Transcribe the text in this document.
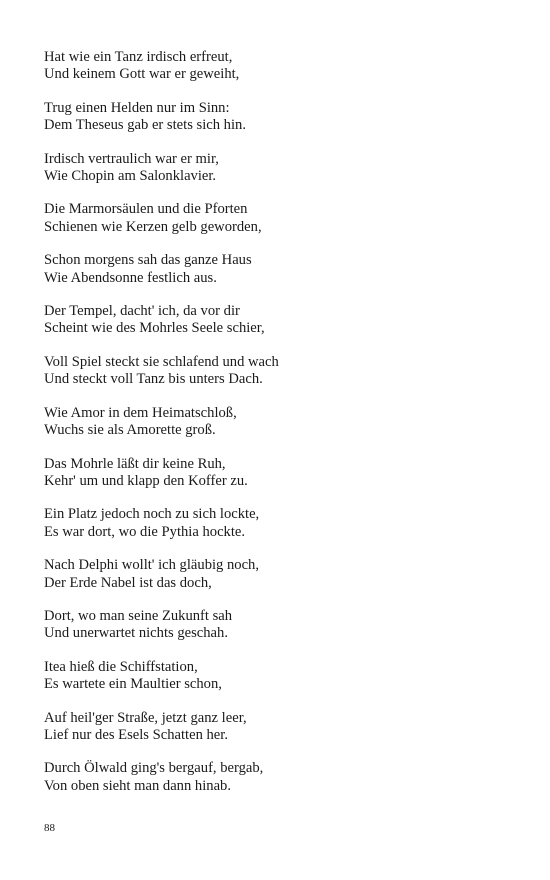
Hat wie ein Tanz irdisch erfreut,
Und keinem Gott war er geweiht,
Trug einen Helden nur im Sinn:
Dem Theseus gab er stets sich hin.
Irdisch vertraulich war er mir,
Wie Chopin am Salonklavier.
Die Marmorsäulen und die Pforten
Schienen wie Kerzen gelb geworden,
Schon morgens sah das ganze Haus
Wie Abendsonne festlich aus.
Der Tempel, dacht' ich, da vor dir
Scheint wie des Mohrles Seele schier,
Voll Spiel steckt sie schlafend und wach
Und steckt voll Tanz bis unters Dach.
Wie Amor in dem Heimatschloß,
Wuchs sie als Amorette groß.
Das Mohrle läßt dir keine Ruh,
Kehr' um und klapp den Koffer zu.
Ein Platz jedoch noch zu sich lockte,
Es war dort, wo die Pythia hockte.
Nach Delphi wollt' ich gläubig noch,
Der Erde Nabel ist das doch,
Dort, wo man seine Zukunft sah
Und unerwartet nichts geschah.
Itea hieß die Schiffstation,
Es wartete ein Maultier schon,
Auf heil'ger Straße, jetzt ganz leer,
Lief nur des Esels Schatten her.
Durch Ölwald ging's bergauf, bergab,
Von oben sieht man dann hinab.
88
